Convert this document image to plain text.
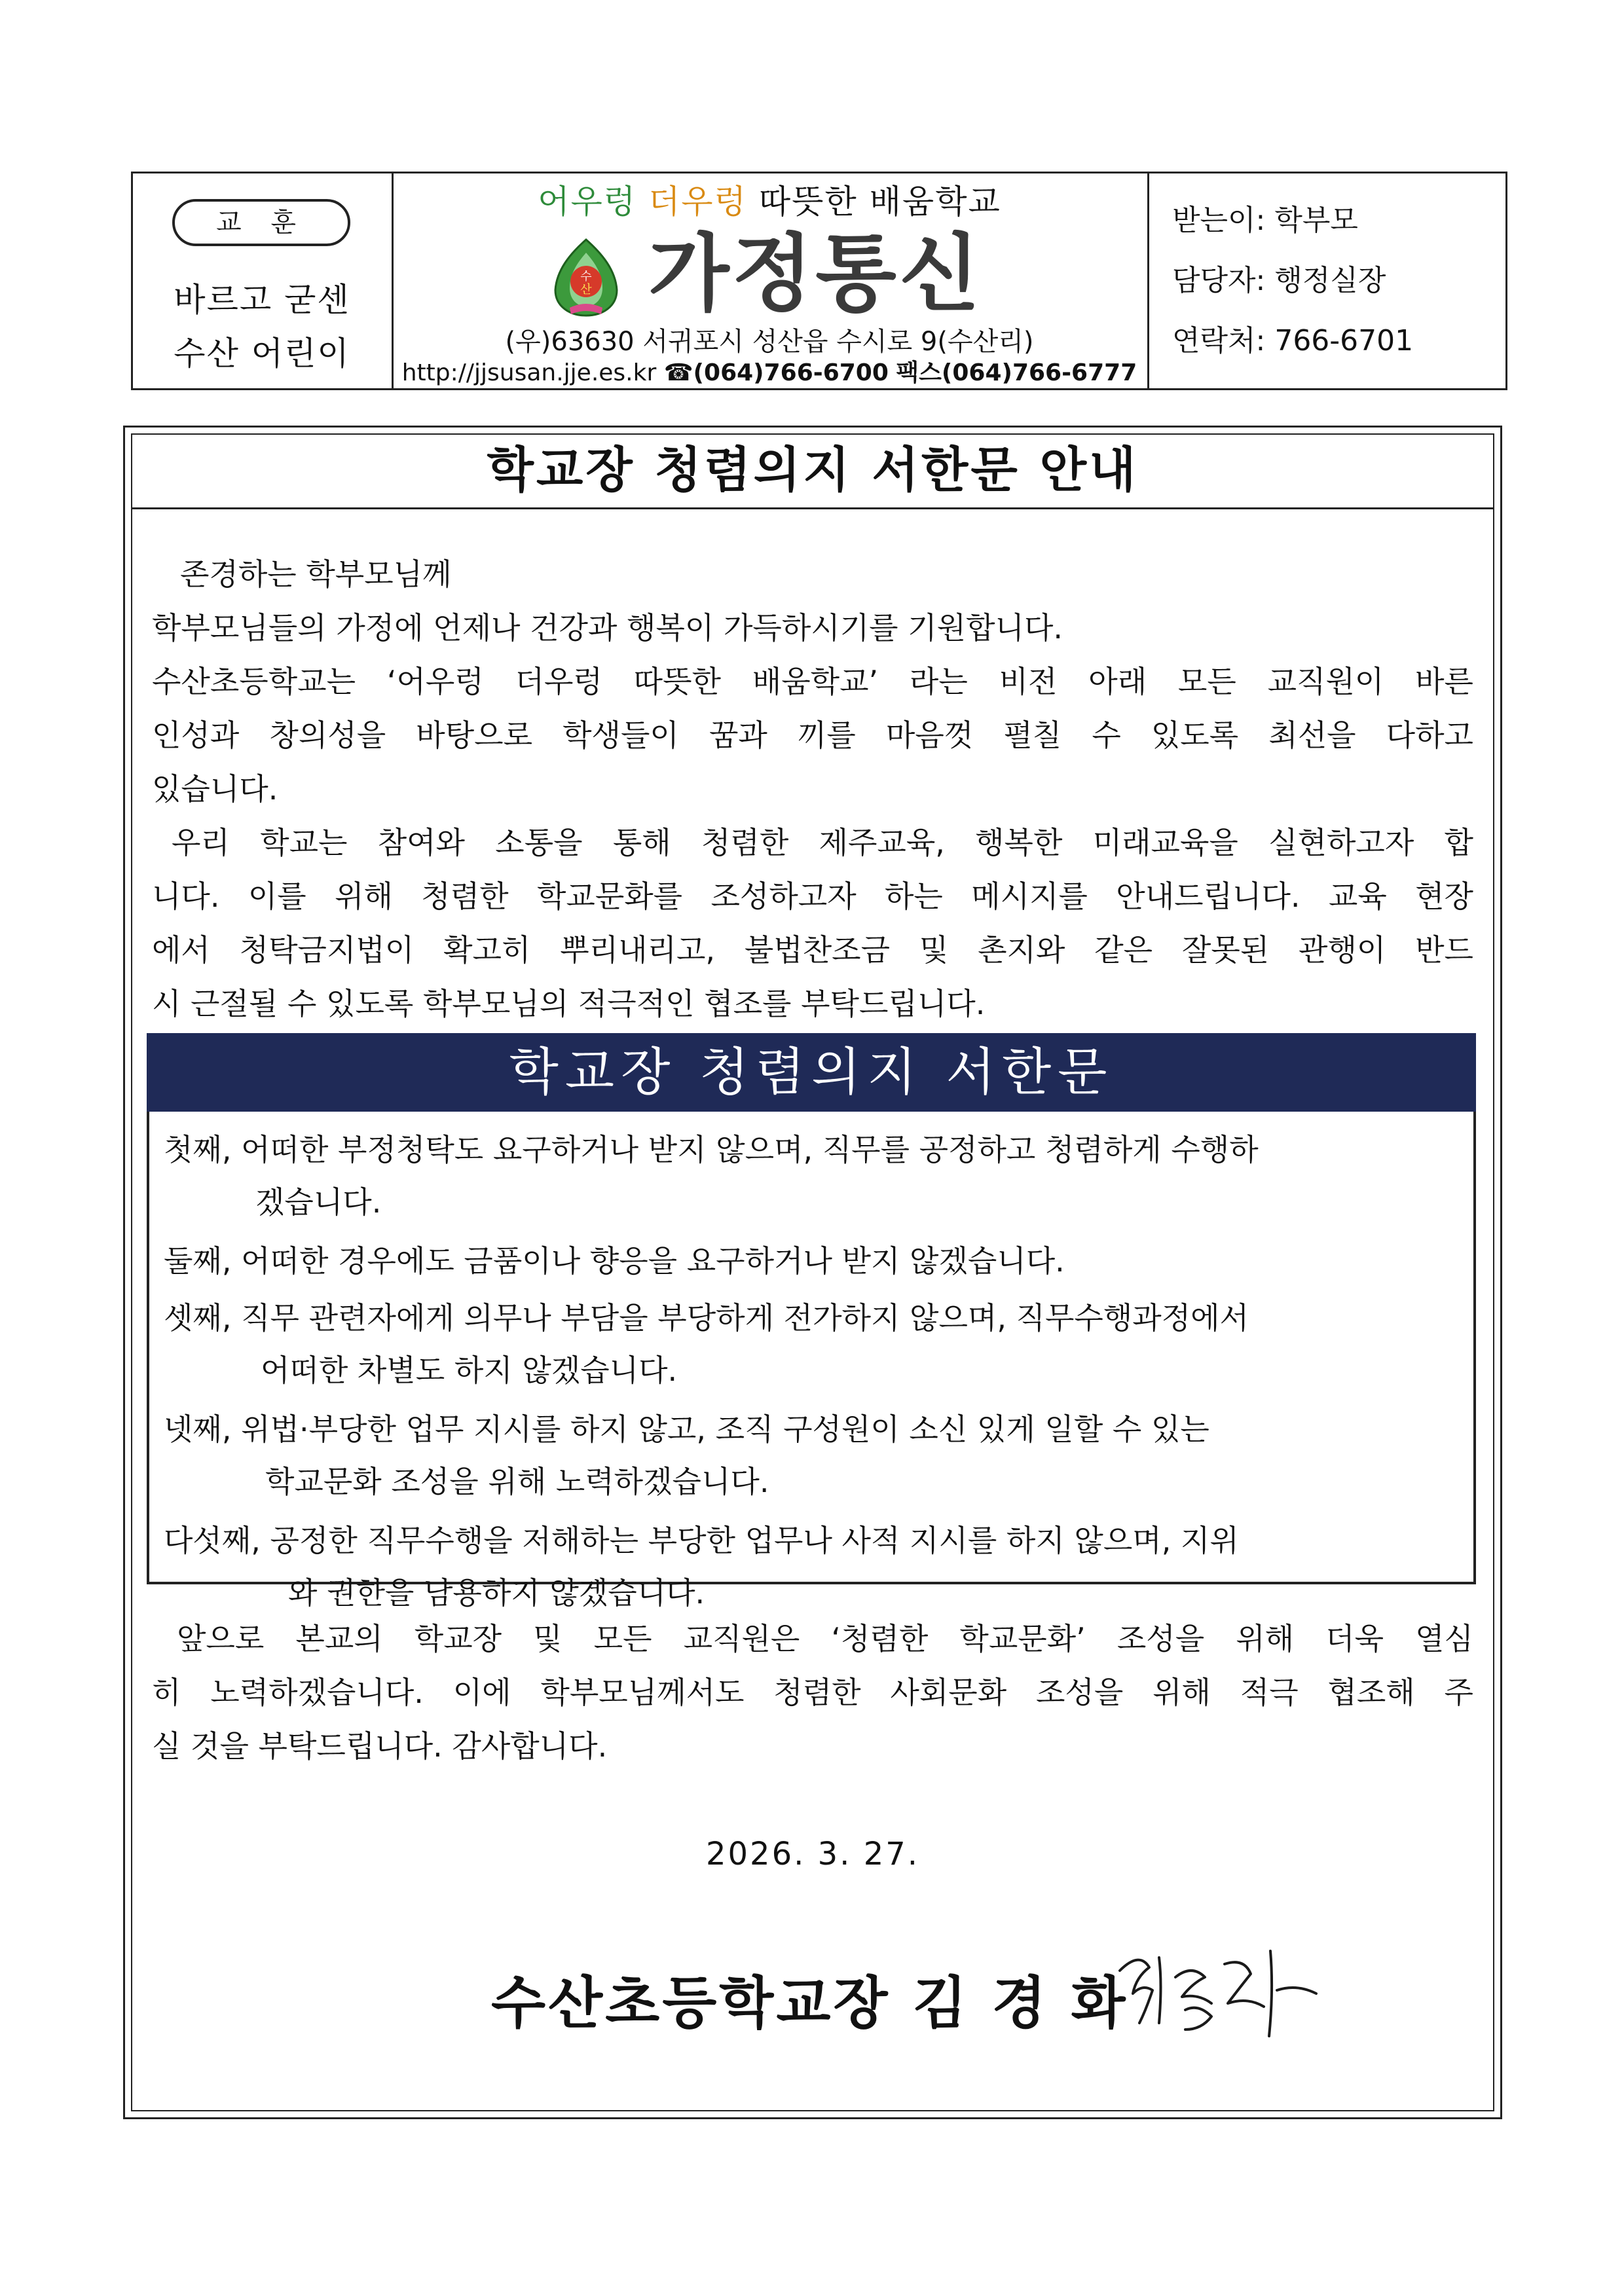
교 훈
바르고 굳센
수산 어린이
어우렁 더우렁 따뜻한 배움학교
수
산 가정통신
(우)63630 서귀포시 성산읍 수시로 9(수산리)
http://jjsusan.jje.es.kr ☎(064)766-6700 팩스(064)766-6777
받는이: 학부모
담당자: 행정실장
연락처: 766-6701
학교장 청렴의지 서한문 안내
존경하는 학부모님께
학부모님들의 가정에 언제나 건강과 행복이 가득하시기를 기원합니다.
수산초등학교는 ‘어우렁 더우렁 따뜻한 배움학교’ 라는 비전 아래 모든 교직원이 바른
인성과 창의성을 바탕으로 학생들이 꿈과 끼를 마음껏 펼칠 수 있도록 최선을 다하고
있습니다.
우리 학교는 참여와 소통을 통해 청렴한 제주교육, 행복한 미래교육을 실현하고자 합
니다. 이를 위해 청렴한 학교문화를 조성하고자 하는 메시지를 안내드립니다. 교육 현장
에서 청탁금지법이 확고히 뿌리내리고, 불법찬조금 및 촌지와 같은 잘못된 관행이 반드
시 근절될 수 있도록 학부모님의 적극적인 협조를 부탁드립니다.
학교장 청렴의지 서한문
첫째, 어떠한 부정청탁도 요구하거나 받지 않으며, 직무를 공정하고 청렴하게 수행하
겠습니다.
둘째, 어떠한 경우에도 금품이나 향응을 요구하거나 받지 않겠습니다.
셋째, 직무 관련자에게 의무나 부담을 부당하게 전가하지 않으며, 직무수행과정에서
어떠한 차별도 하지 않겠습니다.
넷째, 위법·부당한 업무 지시를 하지 않고, 조직 구성원이 소신 있게 일할 수 있는
학교문화 조성을 위해 노력하겠습니다.
다섯째, 공정한 직무수행을 저해하는 부당한 업무나 사적 지시를 하지 않으며, 지위
와 권한을 남용하지 않겠습니다.
앞으로 본교의 학교장 및 모든 교직원은 ‘청렴한 학교문화’ 조성을 위해 더욱 열심
히 노력하겠습니다. 이에 학부모님께서도 청렴한 사회문화 조성을 위해 적극 협조해 주
실 것을 부탁드립니다. 감사합니다.
2026. 3. 27.
수산초등학교장 김 경 화
